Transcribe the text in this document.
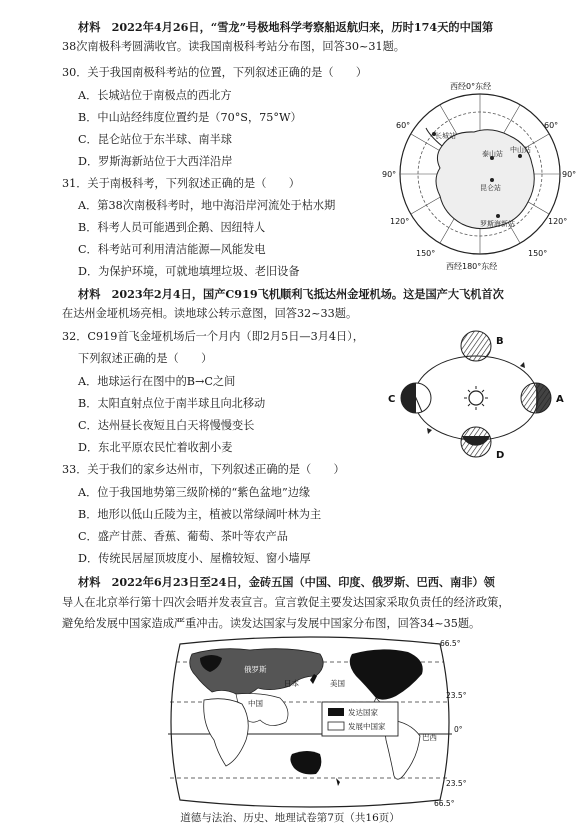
材料　2022年4月26日，“雪龙”号极地科学考察船返航归来，历时174天的中国第
38次南极科考圆满收官。读我国南极科考站分布图，回答30~31题。
30．关于我国南极科考站的位置，下列叙述正确的是（　　）
A．长城站位于南极点的西北方
B．中山站经纬度位置约是（70°S，75°W）
C．昆仑站位于东半球、南半球
D．罗斯海新站位于大西洋沿岸
31．关于南极科考，下列叙述正确的是（　　）
A．第38次南极科考时，地中海沿岸河流处于枯水期
B．科考人员可能遇到企鹅、因纽特人
C．科考站可利用清洁能源—风能发电
D．为保护环境，可就地填埋垃圾、老旧设备
长城站
泰山站 中山站
昆仑站
罗斯海新站
西经0°东经
西经180°东经
60°	60°
90°	90°
120°	120°
150°	150°
材料　2023年2月4日，国产C919飞机顺利飞抵达州金垭机场。这是国产大飞机首次
在达州金垭机场亮相。读地球公转示意图，回答32~33题。
32．C919首飞金垭机场后一个月内（即2月5日—3月4日），
下列叙述正确的是（　　）
A．地球运行在图中的B→C之间
B．太阳直射点位于南半球且向北移动
C．达州昼长夜短且白天将慢慢变长
D．东北平原农民忙着收割小麦
B
C	A
D
33．关于我们的家乡达州市，下列叙述正确的是（　　）
A．位于我国地势第三级阶梯的“紫色盆地”边缘
B．地形以低山丘陵为主，植被以常绿阔叶林为主
C．盛产甘蔗、香蕉、葡萄、茶叶等农产品
D．传统民居屋顶坡度小、屋檐较短、窗小墙厚
材料　2022年6月23日至24日，金砖五国（中国、印度、俄罗斯、巴西、南非）领
导人在北京举行第十四次会晤并发表宣言。宣言敦促主要发达国家采取负责任的经济政策，
避免给发展中国家造成严重冲击。读发达国家与发展中国家分布图，回答34~35题。
俄罗斯
日本	美国
中国
巴西
66.5°
23.5°
0°
23.5°
66.5°
发达国家
发展中国家
道德与法治、历史、地理试卷第7页（共16页）
